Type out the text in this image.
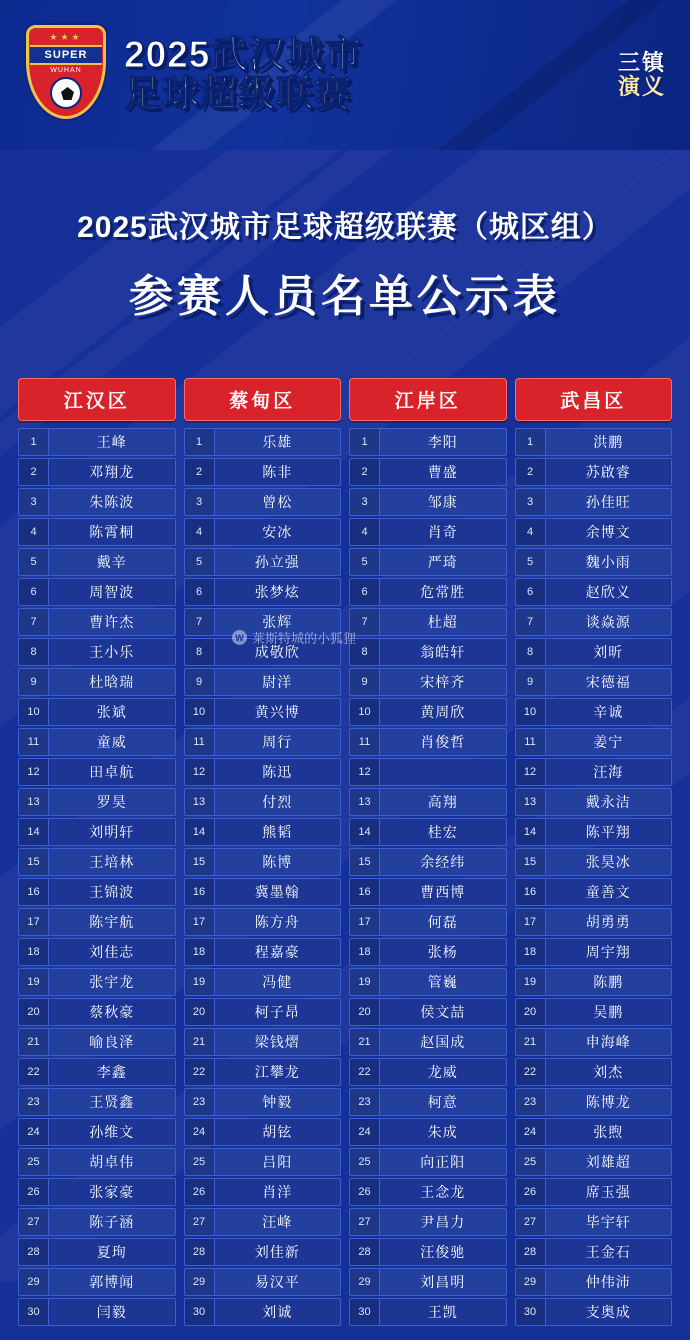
★★★
SUPER
WUHAN	2025武汉城市
足球超级联赛
三镇
演义
2025武汉城市足球超级联赛（城区组）
参赛人员名单公示表
江汉区
1	王峰
2	邓翔龙
3	朱陈波
4	陈霄桐
5	戴辛
6	周智波
7	曹许杰
8	王小乐
9	杜晗瑞
10	张斌
11	童威
12	田卓航
13	罗昊
14	刘明轩
15	王培林
16	王锦波
17	陈宇航
18	刘佳志
19	张宇龙
20	蔡秋豪
21	喻良泽
22	李鑫
23	王贤鑫
24	孙维文
25	胡卓伟
26	张家豪
27	陈子涵
28	夏珣
29	郭博闻
30	闫毅
蔡甸区
1	乐雄
2	陈非
3	曾松
4	安冰
5	孙立强
6	张梦炫
7	张辉
8	成敬欣
9	尉洋
10	黄兴博
11	周行
12	陈迅
13	付烈
14	熊韬
15	陈博
16	冀墨翰
17	陈方舟
18	程嘉豪
19	冯健
20	柯子昂
21	梁钱熠
22	江攀龙
23	钟毅
24	胡铉
25	吕阳
26	肖洋
27	汪峰
28	刘佳新
29	易汉平
30	刘诚
江岸区
1	李阳
2	曹盛
3	邹康
4	肖奇
5	严琦
6	危常胜
7	杜超
8	翁皓轩
9	宋梓齐
10	黄周欣
11	肖俊哲
12
13	高翔
14	桂宏
15	余经纬
16	曹西博
17	何磊
18	张杨
19	管巍
20	侯文喆
21	赵国成
22	龙威
23	柯意
24	朱成
25	向正阳
26	王念龙
27	尹昌力
28	汪俊驰
29	刘昌明
30	王凯
武昌区
1	洪鹏
2	苏啟睿
3	孙佳旺
4	余博文
5	魏小雨
6	赵欣义
7	谈焱源
8	刘昕
9	宋德福
10	辛诚
11	姜宁
12	汪海
13	戴永洁
14	陈平翔
15	张昊冰
16	童善文
17	胡勇勇
18	周宇翔
19	陈鹏
20	吴鹏
21	申海峰
22	刘杰
23	陈博龙
24	张煦
25	刘雄超
26	席玉强
27	毕宇轩
28	王金石
29	仲伟沛
30	支奥成
W 莱斯特城的小狐狸
